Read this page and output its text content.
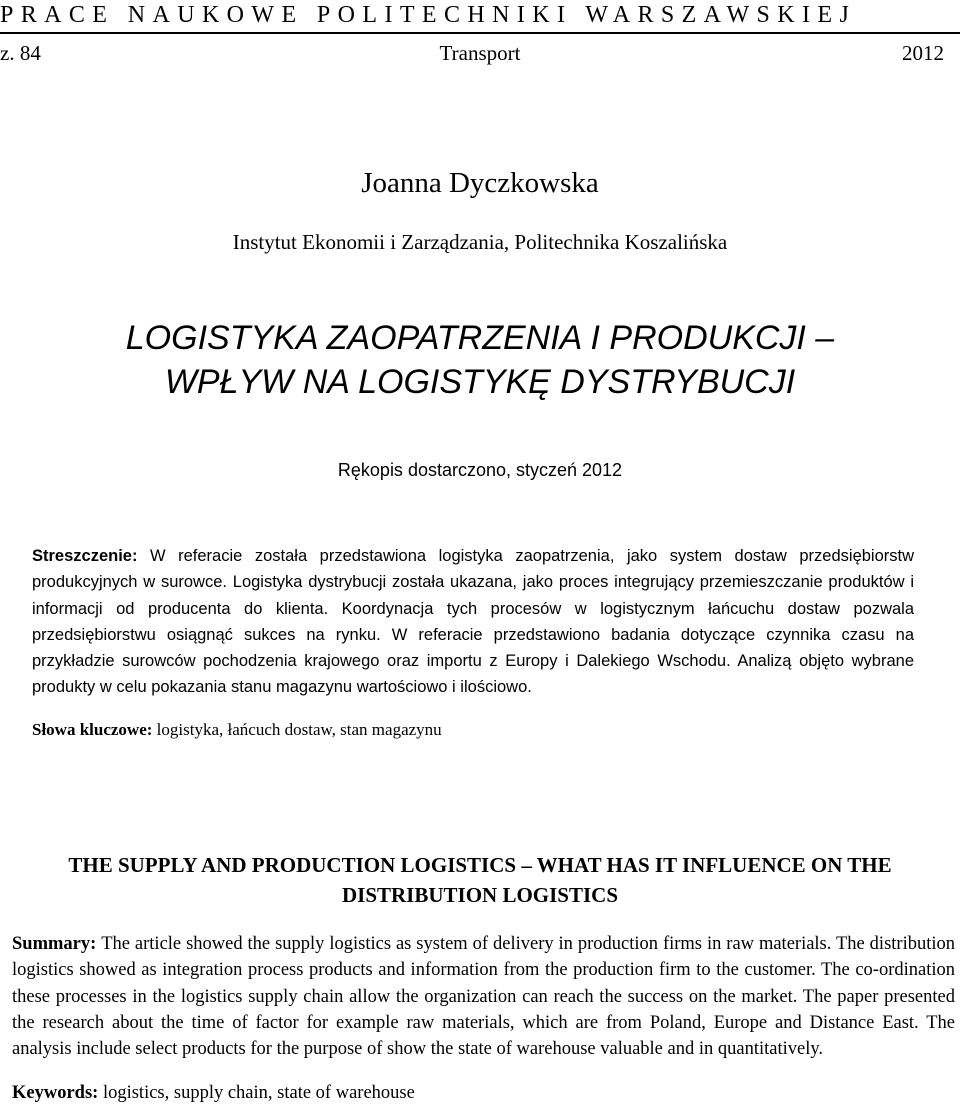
PRACE NAUKOWE POLITECHNIKI WARSZAWSKIEJ
z. 84	Transport	2012
Joanna Dyczkowska
Instytut Ekonomii i Zarządzania, Politechnika Koszalińska
LOGISTYKA ZAOPATRZENIA I PRODUKCJI –
WPŁYW NA LOGISTYKĘ DYSTRYBUCJI
Rękopis dostarczono, styczeń 2012
Streszczenie: W referacie została przedstawiona logistyka zaopatrzenia, jako system dostaw przedsiębiorstw produkcyjnych w surowce. Logistyka dystrybucji została ukazana, jako proces integrujący przemieszczanie produktów i informacji od producenta do klienta. Koordynacja tych procesów w logistycznym łańcuchu dostaw pozwala przedsiębiorstwu osiągnąć sukces na rynku. W referacie przedstawiono badania dotyczące czynnika czasu na przykładzie surowców pochodzenia krajowego oraz importu z Europy i Dalekiego Wschodu. Analizą objęto wybrane produkty w celu pokazania stanu magazynu wartościowo i ilościowo.
Słowa kluczowe: logistyka, łańcuch dostaw, stan magazynu
THE SUPPLY AND PRODUCTION LOGISTICS – WHAT HAS IT INFLUENCE ON THE
DISTRIBUTION LOGISTICS
Summary: The article showed the supply logistics as system of delivery in production firms in raw materials. The distribution logistics showed as integration process products and information from the production firm to the customer. The co-ordination these processes in the logistics supply chain allow the organization can reach the success on the market. The paper presented the research about the time of factor for example raw materials, which are from Poland, Europe and Distance East. The analysis include select products for the purpose of show the state of warehouse valuable and in quantitatively.
Keywords: logistics, supply chain, state of warehouse
